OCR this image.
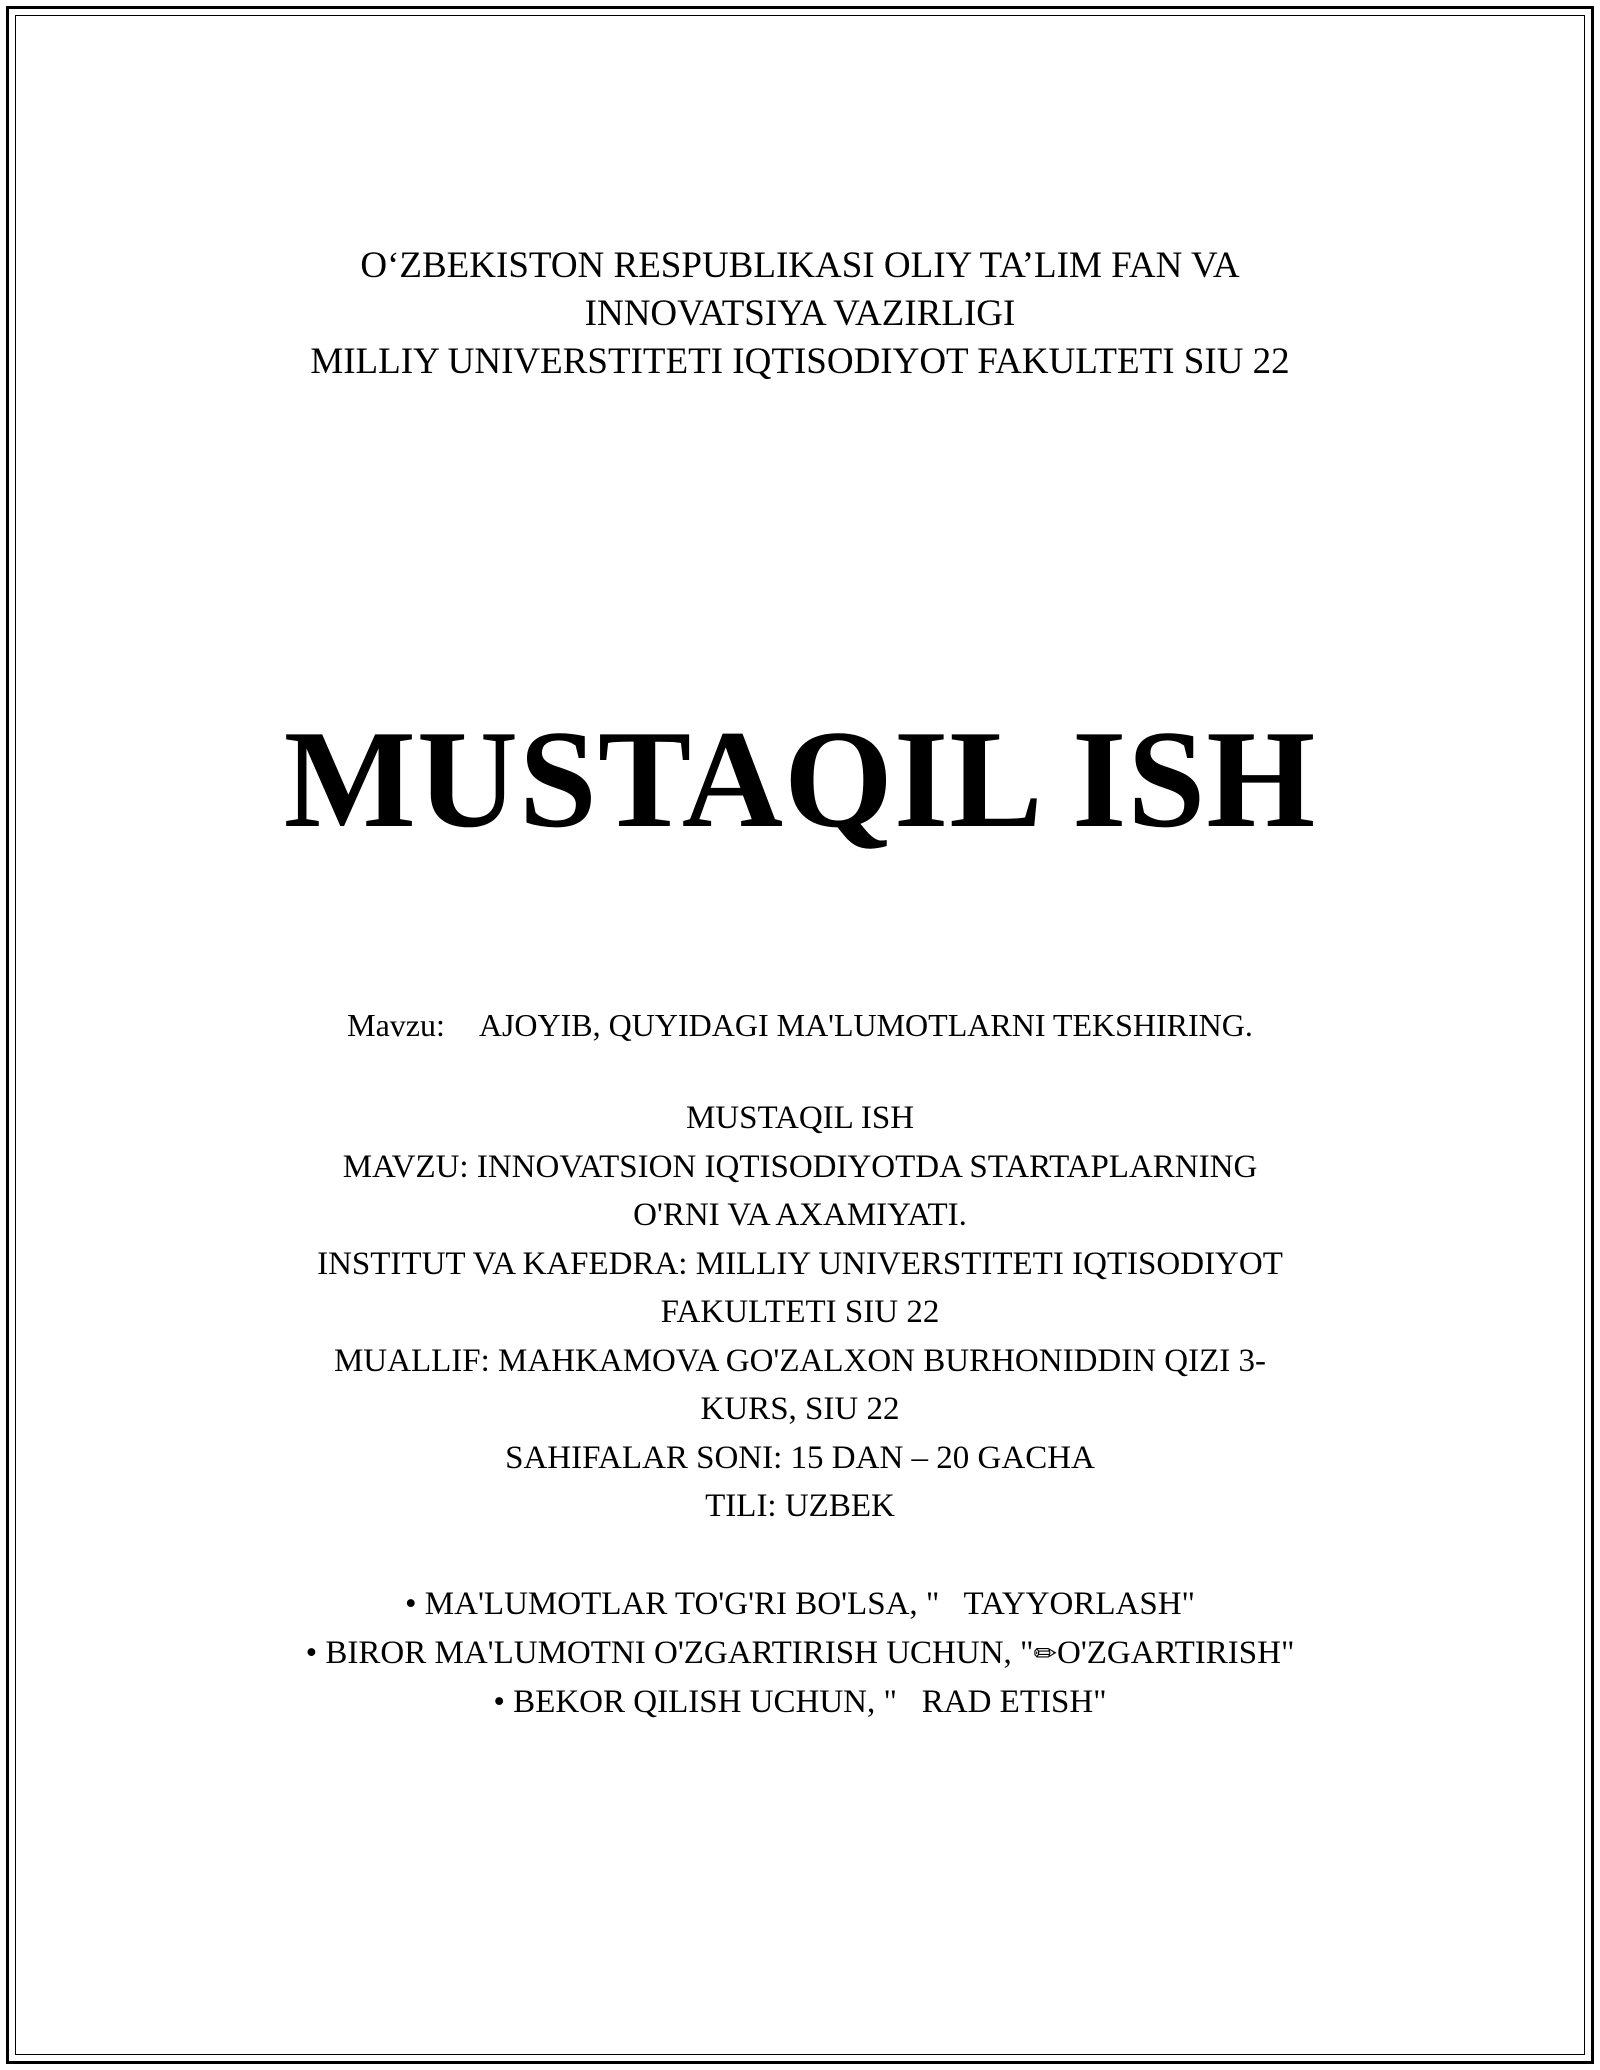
O‘ZBEKISTON RESPUBLIKASI OLIY TA’LIM FAN VA
INNOVATSIYA VAZIRLIGI
MILLIY UNIVERSTITETI IQTISODIYOT FAKULTETI SIU 22
MUSTAQIL ISH
Mavzu: AJOYIB, QUYIDAGI MA'LUMOTLARNI TEKSHIRING.
MUSTAQIL ISH
MAVZU: INNOVATSION IQTISODIYOTDA STARTAPLARNING
O'RNI VA AXAMIYATI.
INSTITUT VA KAFEDRA: MILLIY UNIVERSTITETI IQTISODIYOT
FAKULTETI SIU 22
MUALLIF: MAHKAMOVA GO'ZALXON BURHONIDDIN QIZI 3-
KURS, SIU 22
SAHIFALAR SONI: 15 DAN – 20 GACHA
TILI: UZBEK
• MA'LUMOTLAR TO'G'RI BO'LSA, " TAYYORLASH"
• BIROR MA'LUMOTNI O'ZGARTIRISH UCHUN, "✏O'ZGARTIRISH"
• BEKOR QILISH UCHUN, " RAD ETISH"
